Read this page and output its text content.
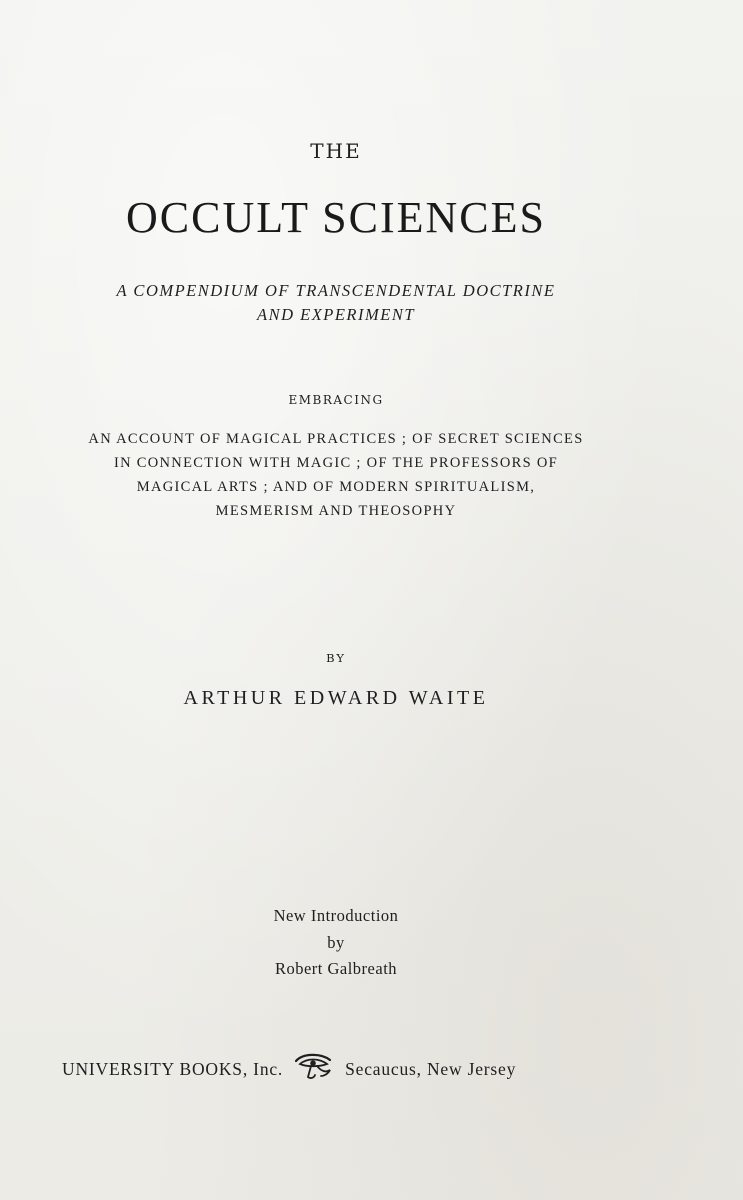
THE
OCCULT SCIENCES
A COMPENDIUM OF TRANSCENDENTAL DOCTRINE
AND EXPERIMENT
EMBRACING
AN ACCOUNT OF MAGICAL PRACTICES ; OF SECRET SCIENCES
IN CONNECTION WITH MAGIC ; OF THE PROFESSORS OF
MAGICAL ARTS ; AND OF MODERN SPIRITUALISM,
MESMERISM AND THEOSOPHY
BY
ARTHUR EDWARD WAITE
New Introduction
by
Robert Galbreath
UNIVERSITY BOOKS, Inc.	Secaucus, New Jersey
